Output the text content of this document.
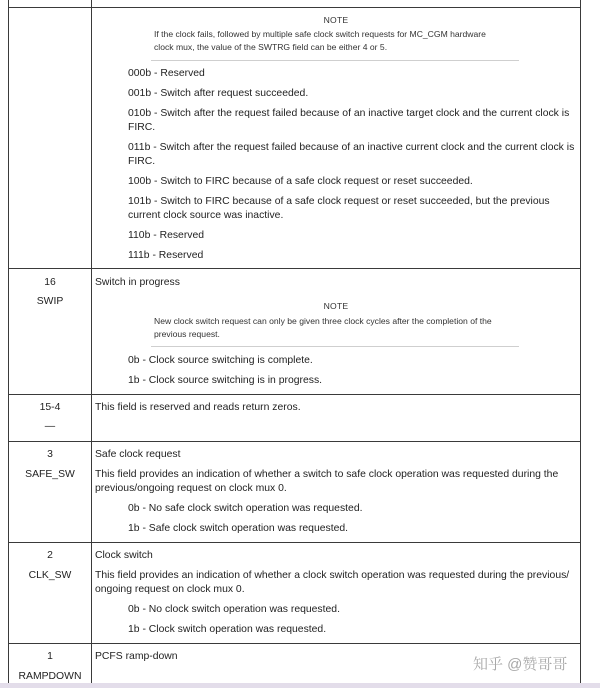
NOTE
If the clock fails, followed by multiple safe clock switch requests for MC_CGM hardware
clock mux, the value of the SWTRG field can be either 4 or 5.
000b - Reserved
001b - Switch after request succeeded.
010b - Switch after the request failed because of an inactive target clock and the current clock is
FIRC.
011b - Switch after the request failed because of an inactive current clock and the current clock is
FIRC.
100b - Switch to FIRC because of a safe clock request or reset succeeded.
101b - Switch to FIRC because of a safe clock request or reset succeeded, but the previous
current clock source was inactive.
110b - Reserved
111b - Reserved
16
SWIP
Switch in progress
NOTE
New clock switch request can only be given three clock cycles after the completion of the
previous request.
0b - Clock source switching is complete.
1b - Clock source switching is in progress.
15-4
—
This field is reserved and reads return zeros.
3
SAFE_SW
Safe clock request
This field provides an indication of whether a switch to safe clock operation was requested during the
previous/ongoing request on clock mux 0.
0b - No safe clock switch operation was requested.
1b - Safe clock switch operation was requested.
2
CLK_SW
Clock switch
This field provides an indication of whether a clock switch operation was requested during the previous/
ongoing request on clock mux 0.
0b - No clock switch operation was requested.
1b - Clock switch operation was requested.
1
RAMPDOWN
PCFS ramp-down	知乎 @赞哥哥
